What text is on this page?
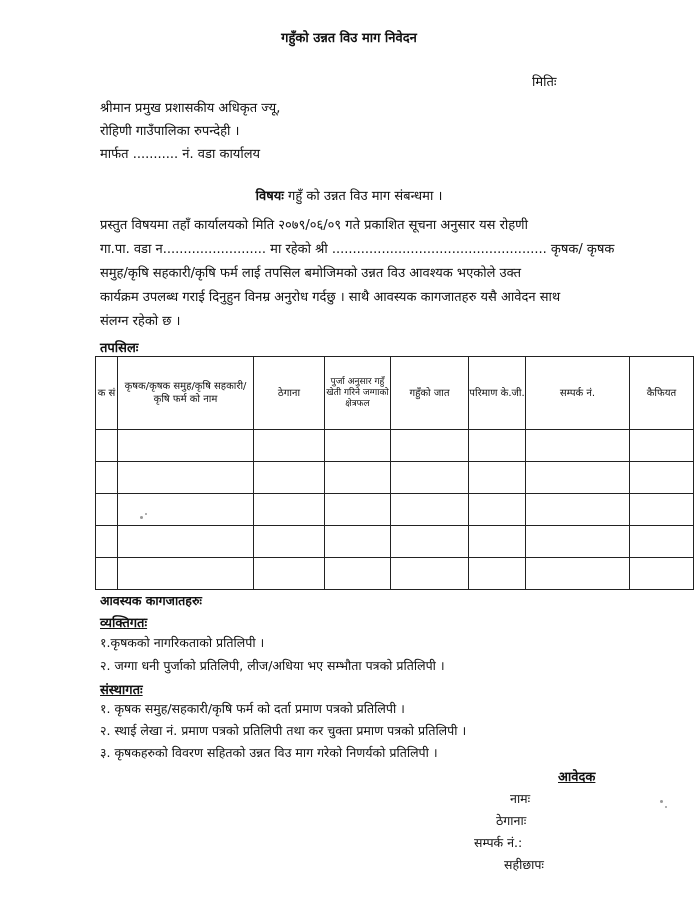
गहुँको उन्नत विउ माग निवेदन
मितिः
श्रीमान प्रमुख प्रशासकीय अधिकृत ज्यू,
रोहिणी गाउँपालिका रुपन्देही ।
मार्फत ........... नं. वडा कार्यालय
विषयः गहुँ को उन्नत विउ माग संबन्धमा ।
प्रस्तुत विषयमा तहाँ कार्यालयको मिति २०७९/०६/०९ गते प्रकाशित सूचना अनुसार यस रोहणी
गा.पा. वडा न......................... मा रहेको श्री .................................................... कृषक/ कृषक
समुह/कृषि सहकारी/कृषि फर्म लाई तपसिल बमोजिमको उन्नत विउ आवश्यक भएकोले उक्त
कार्यक्रम उपलब्ध गराई दिनुहुन विनम्र अनुरोध गर्दछु । साथै आवस्यक कागजातहरु यसै आवेदन साथ
संलग्न रहेको छ ।
तपसिलः
क सं	कृषक/कृषक समुह/कृषि सहकारी/कृषि फर्म को नाम	ठेगाना	पुर्जा अनुसार गहुँ खेती गरिने जग्गाको क्षेत्रफल	गहुँको जात	परिमाण के.जी.	सम्पर्क नं.	कैफियत

आवस्यक कागजातहरुः
व्यक्तिगतः
१.कृषकको नागरिकताको प्रतिलिपी ।
२. जग्गा धनी पुर्जाको प्रतिलिपी, लीज/अधिया भए सम्भौता पत्रको प्रतिलिपी ।
संस्थागतः
१. कृषक समुह/सहकारी/कृषि फर्म को दर्ता प्रमाण पत्रको प्रतिलिपी ।
२. स्थाई लेखा नं. प्रमाण पत्रको प्रतिलिपी तथा कर चुक्ता प्रमाण पत्रको प्रतिलिपी ।
३. कृषकहरुको विवरण सहितको उन्नत विउ माग गरेको निणर्यको प्रतिलिपी ।
आवेदक
नामः
ठेगानाः
सम्पर्क नं.:
सहीछापः
